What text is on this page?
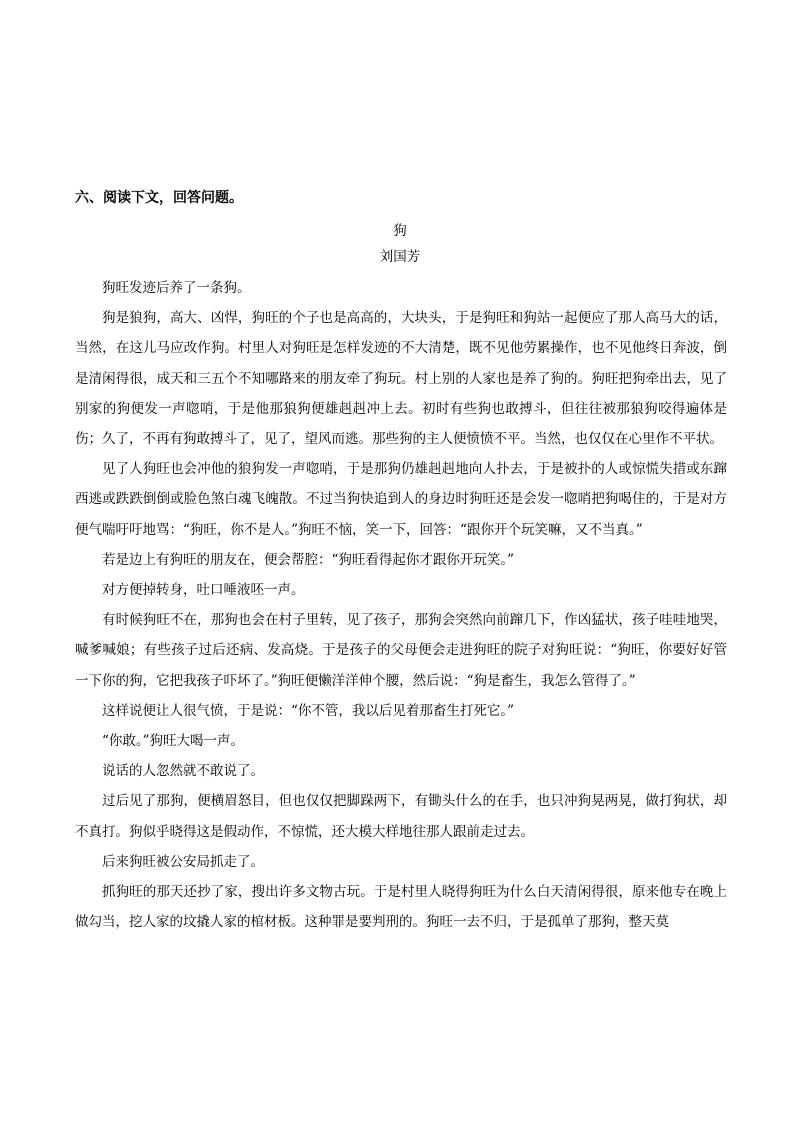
六、阅读下文，回答问题。
狗
刘国芳

狗旺发迹后养了一条狗。

狗是狼狗，高大、凶悍，狗旺的个子也是高高的，大块头，于是狗旺和狗站一起便应了那人高马大的话，当然，在这儿马应改作狗。村里人对狗旺是怎样发迹的不大清楚，既不见他劳累操作，也不见他终日奔波，倒是清闲得很，成天和三五个不知哪路来的朋友牵了狗玩。村上别的人家也是养了狗的。狗旺把狗牵出去，见了别家的狗便发一声唿哨，于是他那狼狗便雄赳赳冲上去。初时有些狗也敢搏斗，但往往被那狼狗咬得遍体是伤；久了，不再有狗敢搏斗了，见了，望风而逃。那些狗的主人便愤愤不平。当然，也仅仅在心里作不平状。

见了人狗旺也会冲他的狼狗发一声唿哨，于是那狗仍雄赳赳地向人扑去，于是被扑的人或惊慌失措或东蹿西逃或跌跌倒倒或脸色煞白魂飞魄散。不过当狗快追到人的身边时狗旺还是会发一唿哨把狗喝住的，于是对方便气喘吁吁地骂：“狗旺，你不是人。”狗旺不恼，笑一下，回答：“跟你开个玩笑嘛，又不当真。”

若是边上有狗旺的朋友在，便会帮腔：“狗旺看得起你才跟你开玩笑。”

对方便掉转身，吐口唾液呸一声。

有时候狗旺不在，那狗也会在村子里转，见了孩子，那狗会突然向前蹿几下，作凶猛状，孩子哇哇地哭，喊爹喊娘；有些孩子过后还病、发高烧。于是孩子的父母便会走进狗旺的院子对狗旺说：“狗旺，你要好好管一下你的狗，它把我孩子吓坏了。”狗旺便懒洋洋伸个腰，然后说：“狗是畜生，我怎么管得了。”

这样说便让人很气愤，于是说：“你不管，我以后见着那畜生打死它。”

“你敢。”狗旺大喝一声。

说话的人忽然就不敢说了。

过后见了那狗，便横眉怒目，但也仅仅把脚跺两下，有锄头什么的在手，也只冲狗晃两晃，做打狗状，却不真打。狗似乎晓得这是假动作，不惊慌，还大模大样地往那人跟前走过去。

后来狗旺被公安局抓走了。

抓狗旺的那天还抄了家，搜出许多文物古玩。于是村里人晓得狗旺为什么白天清闲得很，原来他专在晚上做勾当，挖人家的坟撬人家的棺材板。这种罪是要判刑的。狗旺一去不归，于是孤单了那狗，整天莫
